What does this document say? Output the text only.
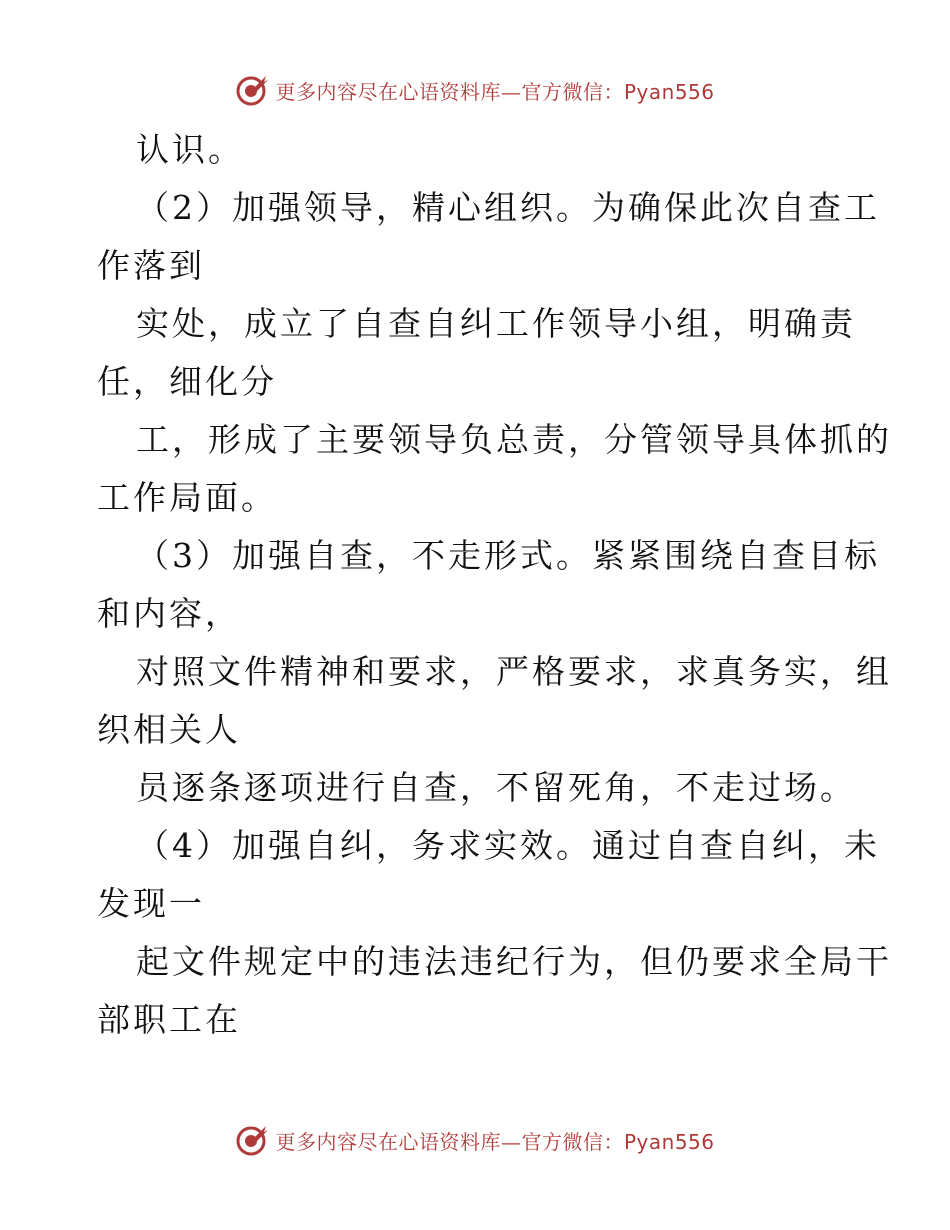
更多内容尽在心语资料库—官方微信：Pyan556
认识。
（2）加强领导，精心组织。为确保此次自查工
作落到
实处，成立了自查自纠工作领导小组，明确责
任，细化分
工，形成了主要领导负总责，分管领导具体抓的
工作局面。
（3）加强自查，不走形式。紧紧围绕自查目标
和内容，
对照文件精神和要求，严格要求，求真务实，组
织相关人
员逐条逐项进行自查，不留死角，不走过场。
（4）加强自纠，务求实效。通过自查自纠，未
发现一
起文件规定中的违法违纪行为，但仍要求全局干
部职工在
更多内容尽在心语资料库—官方微信：Pyan556
